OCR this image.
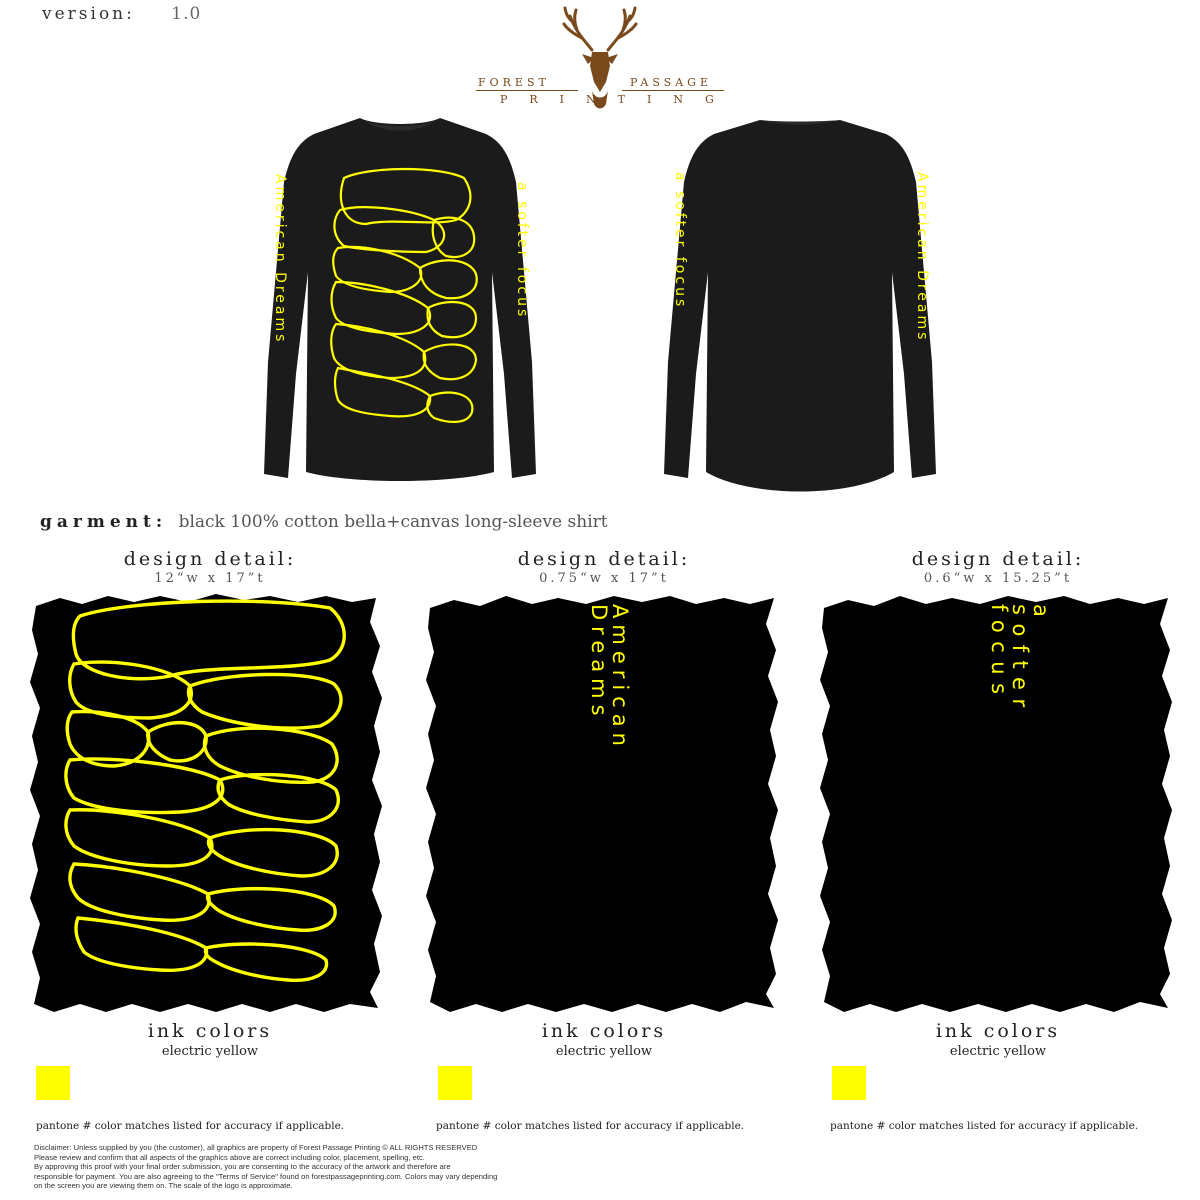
version: 1.0
FOREST	PASSAGE
PRINTING
American Dreams	a softer focus	a softer focus	American Dreams
garment: black 100% cotton bella+canvas long-sleeve shirt
design detail:
12“w x 17”t
ink colors
electric yellow
pantone # color matches listed for accuracy if applicable.
design detail:
0.75“w x 17”t
American Dreams
ink colors
electric yellow
pantone # color matches listed for accuracy if applicable.
design detail:
0.6“w x 15.25”t
a softer focus
ink colors
electric yellow
pantone # color matches listed for accuracy if applicable.
Disclaimer: Unless supplied by you (the customer), all graphics are property of Forest Passage Printing © ALL RIGHTS RESERVED
Please review and confirm that all aspects of the graphics above are correct including color, placement, spelling, etc.
By approving this proof with your final order submission, you are consenting to the accuracy of the artwork and therefore are
responsible for payment. You are also agreeing to the "Terms of Service" found on forestpassageprinting.com. Colors may vary depending
on the screen you are viewing them on. The scale of the logo is approximate.
